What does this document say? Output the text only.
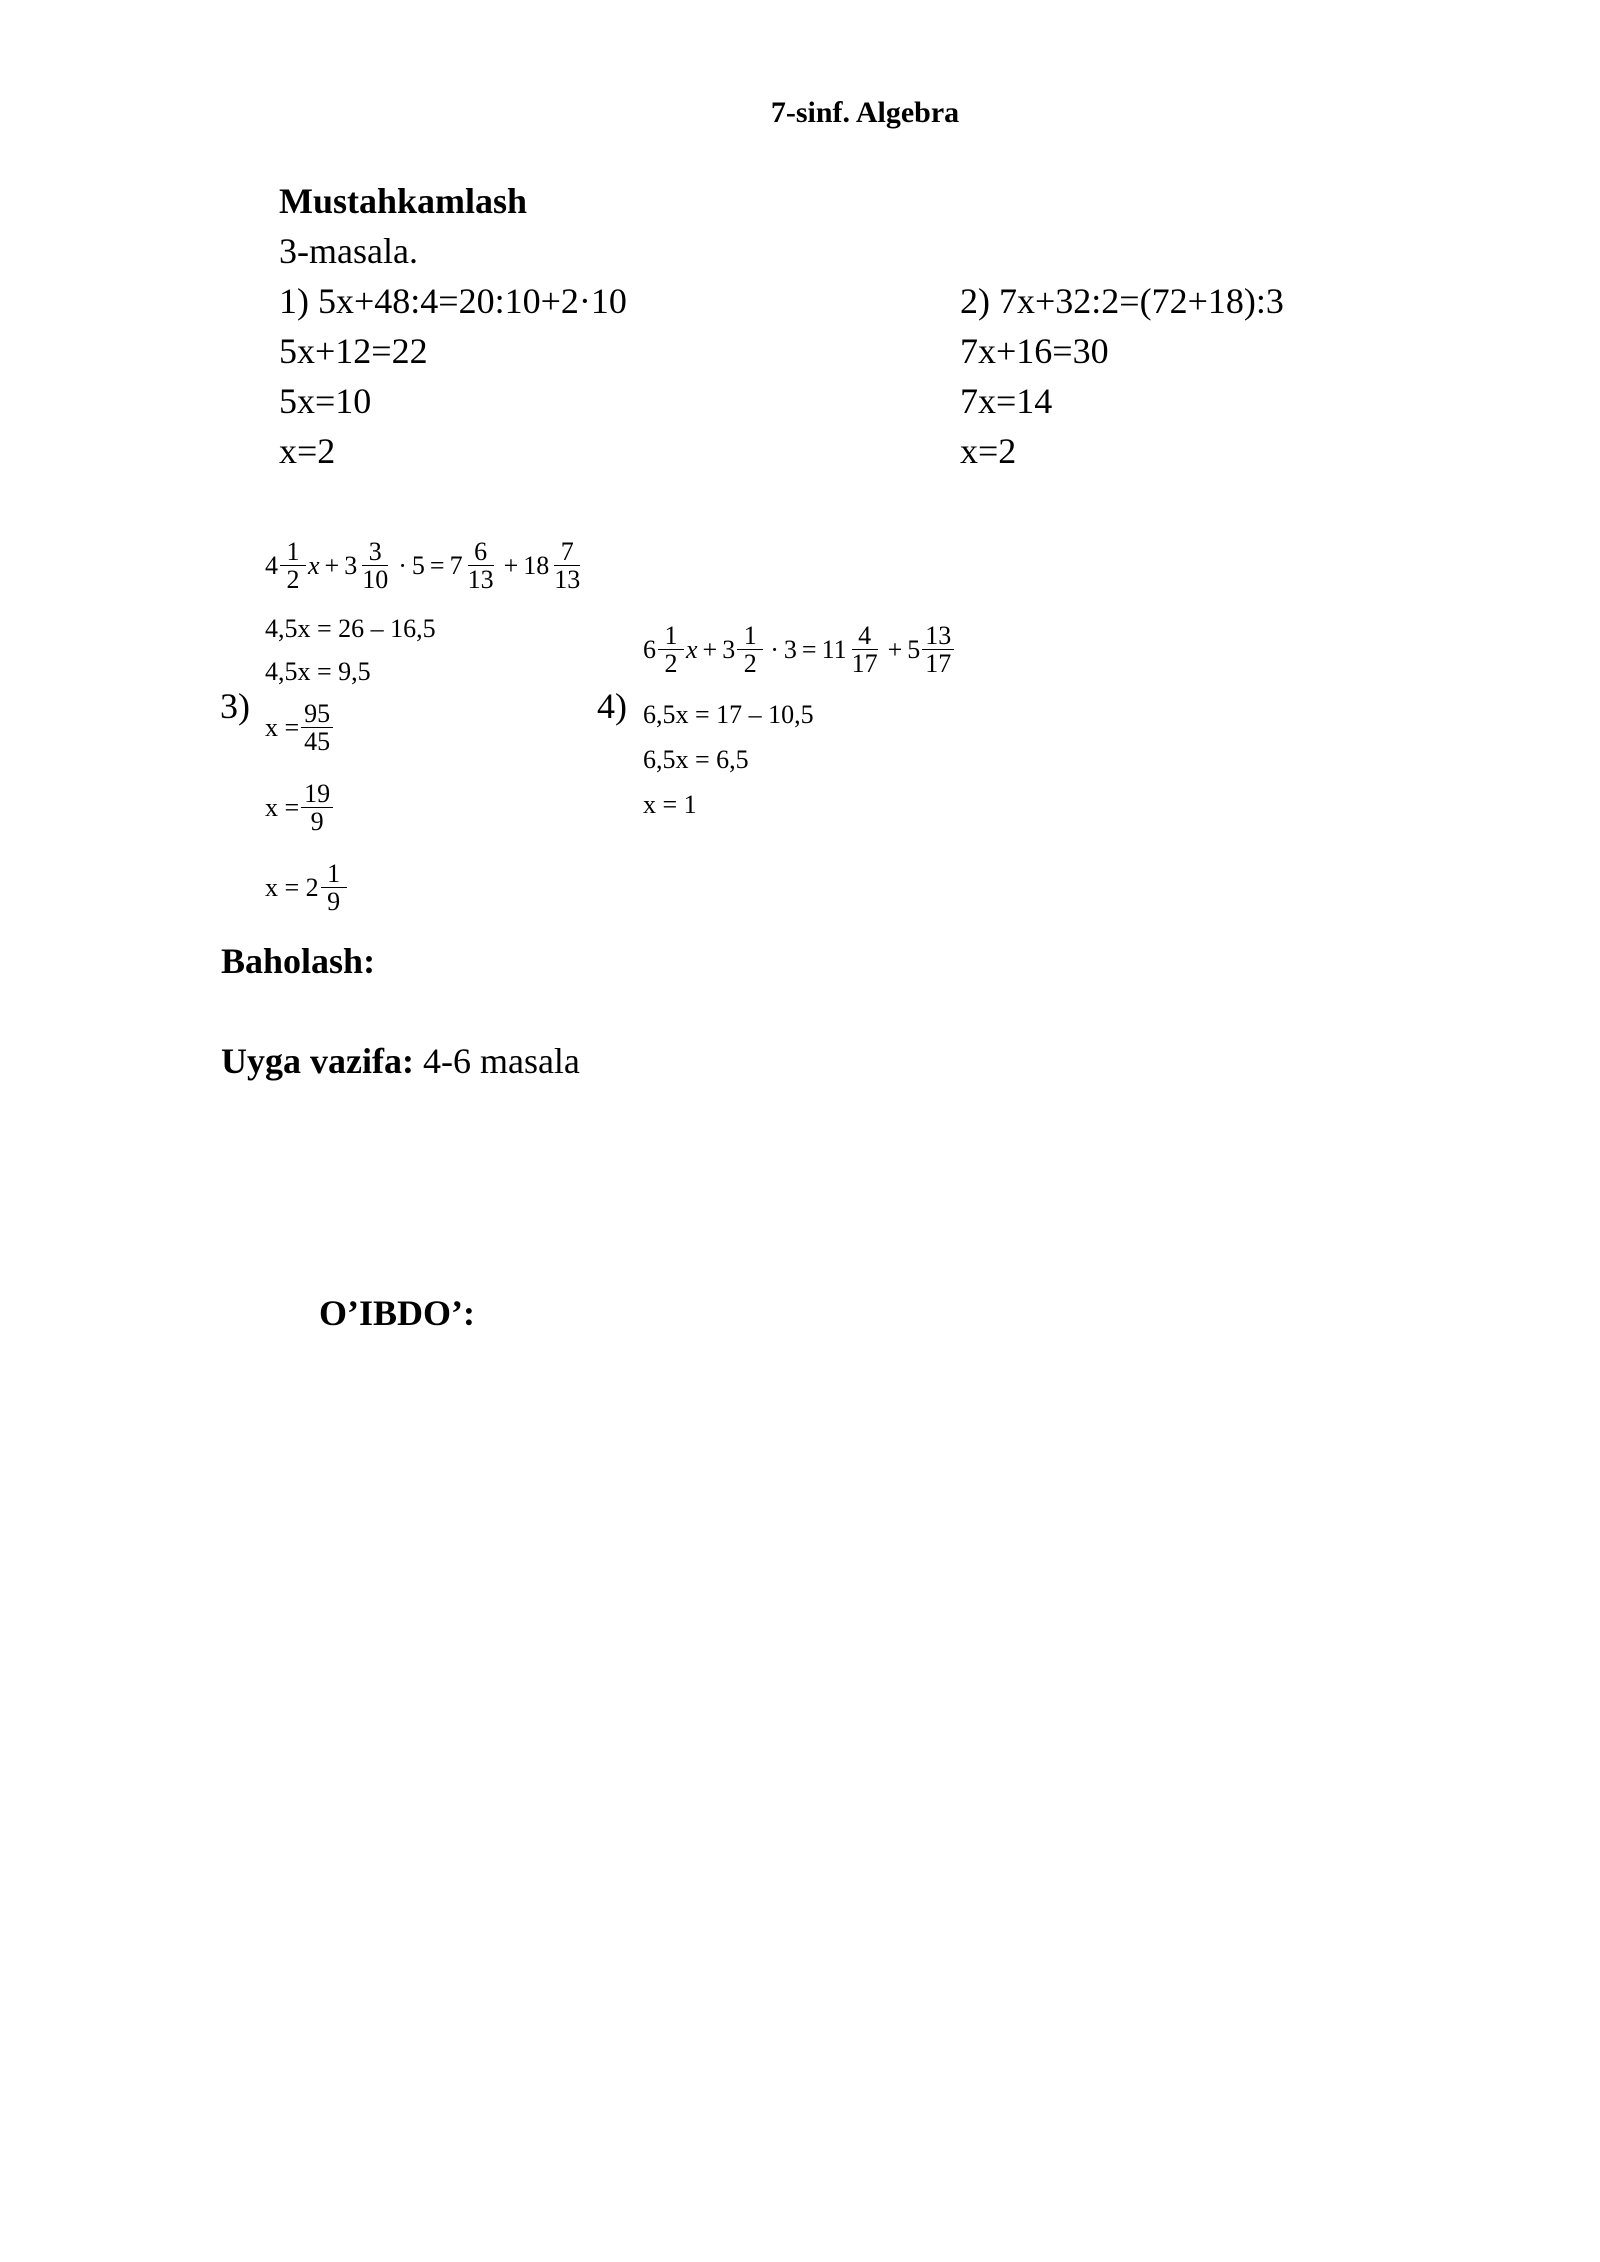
7-sinf. Algebra
Mustahkamlash
3-masala.
1) 5x+48:4=20:10+2·10
5x+12=22
5x=10
x=2
2) 7x+32:2=(72+18):3
7x+16=30
7x=14
x=2
3)
$4 \frac{1}{2}$ $x + 3 \frac{3}{10} \cdot 5 = 7 \frac{6}{13} + 18 \frac{7}{13}$
4,5x = 26 – 16,5
4,5x = 9,5
$x = \frac{95}{45}$
$x = \frac{19}{9}$
$x = 2 \frac{1}{9}$
4)
$6 \frac{1}{2}$ $x + 3 \frac{1}{2} \cdot 3 = 11 \frac{4}{17} + 5 \frac{13}{17}$
6,5x = 17 – 10,5
6,5x = 6,5
x = 1
Baholash:
Uyga vazifa: 4-6 masala
O’IBDO’:
